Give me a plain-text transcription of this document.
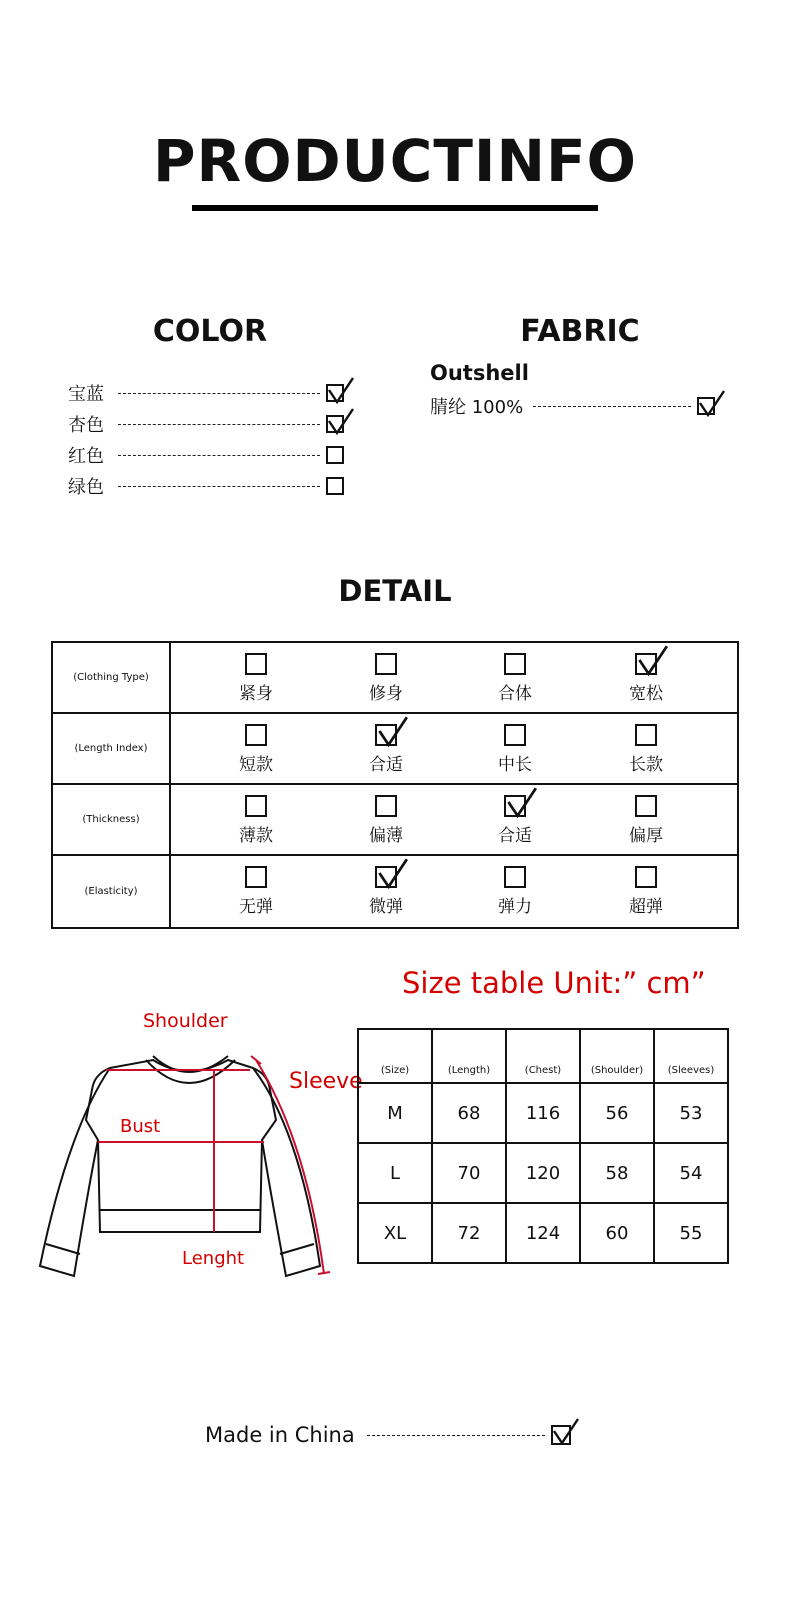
PRODUCTINFO
COLOR
宝蓝
杏色
红色
绿色
FABRIC
Outshell
腈纶 100%
DETAIL
(Clothing Type)
紧身	修身	合体	宽松
(Length Index)
短款	合适	中长	长款
(Thickness)
薄款	偏薄	合适	偏厚
(Elasticity)
无弹	微弹	弹力	超弹
Size table Unit:” cm”
Shoulder
Sleeve
Bust
Lenght
(Size)	(Length)	(Chest)	(Shoulder)	(Sleeves)
M	68	116	56	53
L	70	120	58	54
XL	72	124	60	55
Made in China
